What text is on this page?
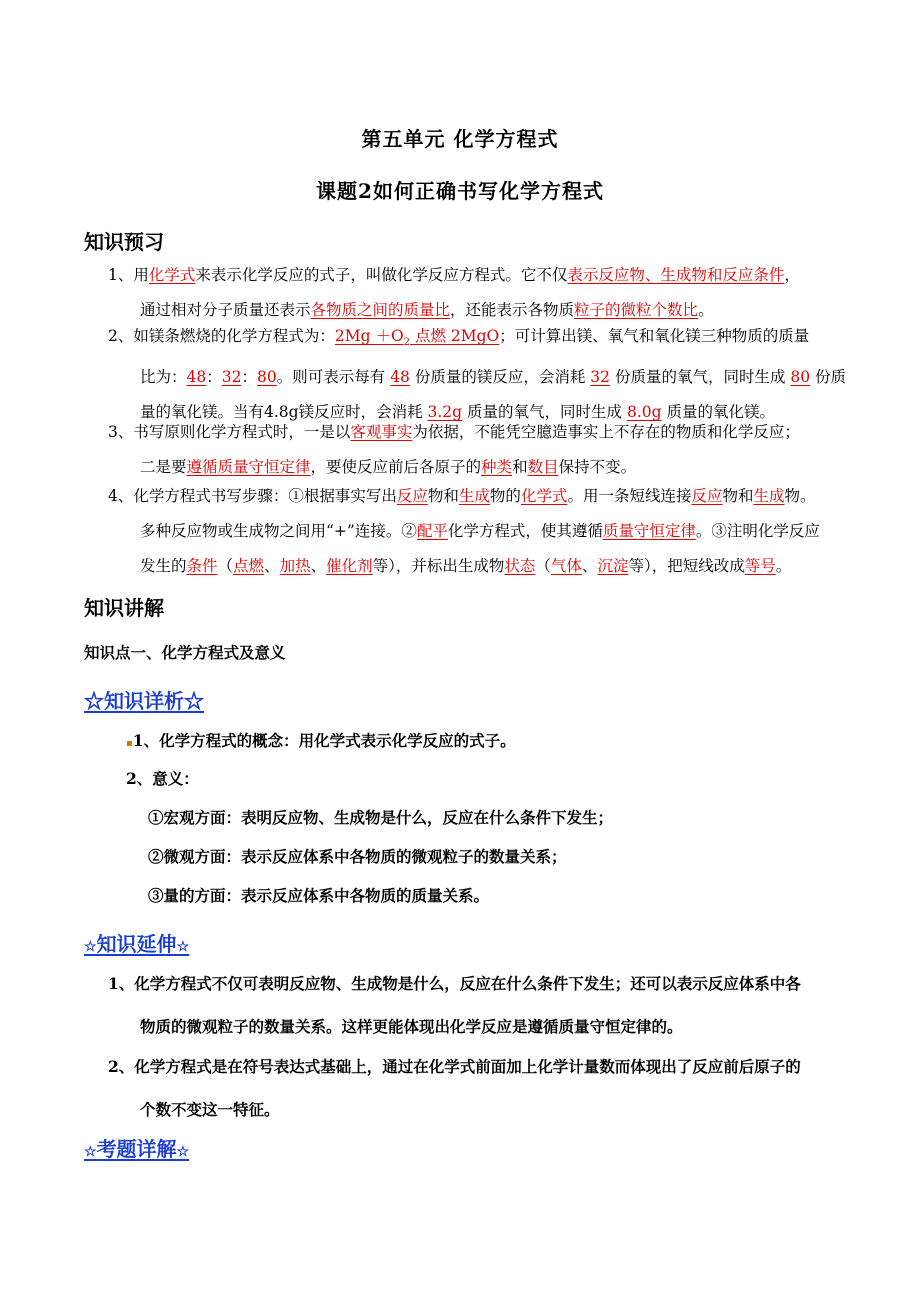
第五单元 化学方程式
课题2如何正确书写化学方程式
知识预习
1、用化学式来表示化学反应的式子，叫做化学反应方程式。它不仅表示反应物、生成物和反应条件，
通过相对分子质量还表示各物质之间的质量比，还能表示各物质粒子的微粒个数比。
2、如镁条燃烧的化学方程式为：$2Mg +O_2$ 点燃 2MgO；可计算出镁、氧气和氧化镁三种物质的质量
比为：48：32：80。则可表示每有 48 份质量的镁反应，会消耗 32 份质量的氧气，同时生成 80 份质
量的氧化镁。当有4.8g镁反应时，会消耗 3.2g 质量的氧气，同时生成 8.0g 质量的氧化镁。
3、书写原则化学方程式时，一是以客观事实为依据，不能凭空臆造事实上不存在的物质和化学反应；
二是要遵循质量守恒定律，要使反应前后各原子的种类和数目保持不变。
4、化学方程式书写步骤：①根据事实写出反应物和生成物的化学式。用一条短线连接反应物和生成物。
多种反应物或生成物之间用“+”连接。②配平化学方程式，使其遵循质量守恒定律。③注明化学反应
发生的条件（点燃、加热、催化剂等），并标出生成物状态（气体、沉淀等），把短线改成等号。
知识讲解
知识点一、化学方程式及意义
☆知识详析☆
▪1、化学方程式的概念：用化学式表示化学反应的式子。
2、意义：
①宏观方面：表明反应物、生成物是什么，反应在什么条件下发生；
②微观方面：表示反应体系中各物质的微观粒子的数量关系；
③量的方面：表示反应体系中各物质的质量关系。
☆知识延伸☆
1、化学方程式不仅可表明反应物、生成物是什么，反应在什么条件下发生；还可以表示反应体系中各
物质的微观粒子的数量关系。这样更能体现出化学反应是遵循质量守恒定律的。
2、化学方程式是在符号表达式基础上，通过在化学式前面加上化学计量数而体现出了反应前后原子的
个数不变这一特征。
☆考题详解☆
